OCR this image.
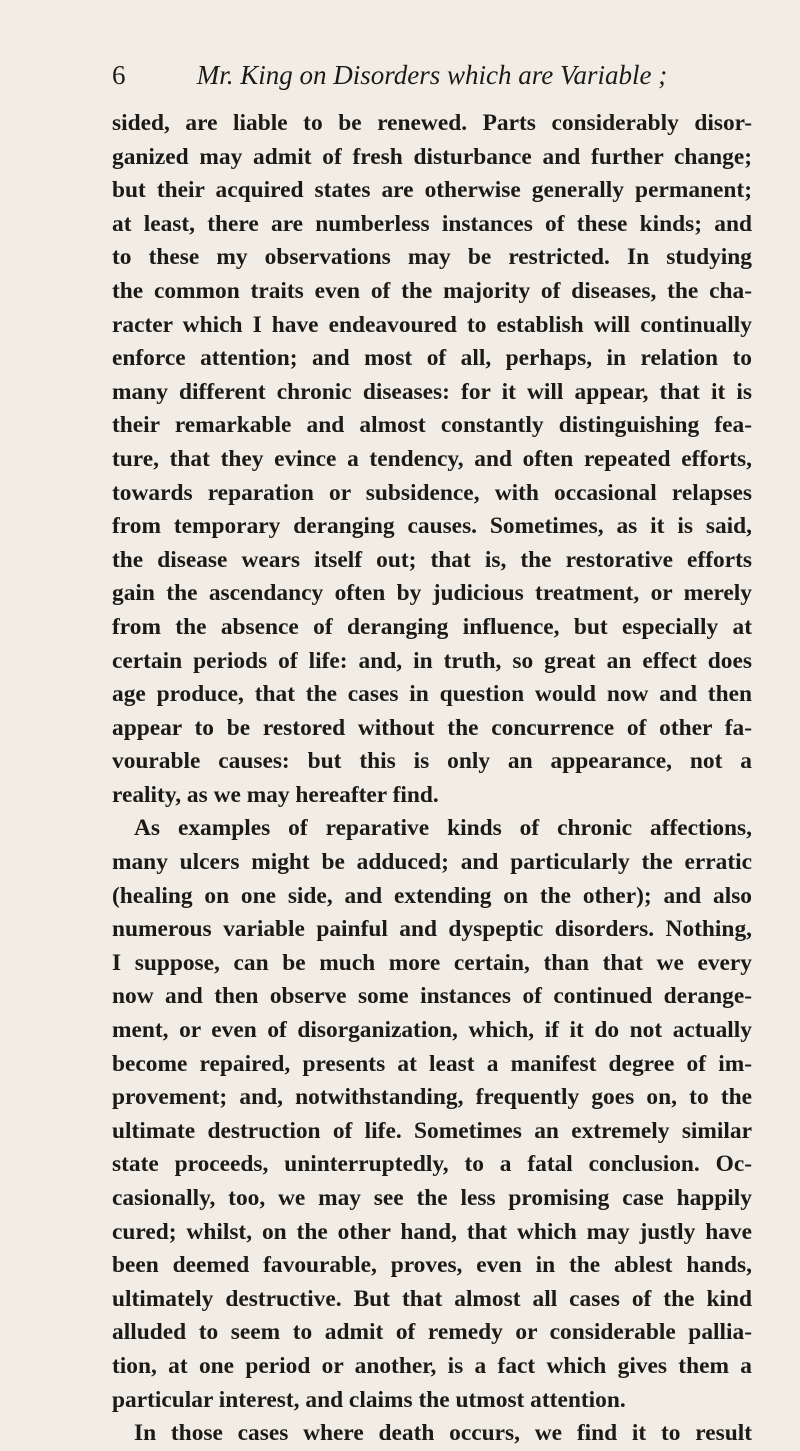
6	Mr. King on Disorders which are Variable ;
sided, are liable to be renewed. Parts considerably disor-
ganized may admit of fresh disturbance and further change;
but their acquired states are otherwise generally permanent;
at least, there are numberless instances of these kinds; and
to these my observations may be restricted. In studying
the common traits even of the majority of diseases, the cha-
racter which I have endeavoured to establish will continually
enforce attention; and most of all, perhaps, in relation to
many different chronic diseases: for it will appear, that it is
their remarkable and almost constantly distinguishing fea-
ture, that they evince a tendency, and often repeated efforts,
towards reparation or subsidence, with occasional relapses
from temporary deranging causes. Sometimes, as it is said,
the disease wears itself out; that is, the restorative efforts
gain the ascendancy often by judicious treatment, or merely
from the absence of deranging influence, but especially at
certain periods of life: and, in truth, so great an effect does
age produce, that the cases in question would now and then
appear to be restored without the concurrence of other fa-
vourable causes: but this is only an appearance, not a
reality, as we may hereafter find.
As examples of reparative kinds of chronic affections,
many ulcers might be adduced; and particularly the erratic
(healing on one side, and extending on the other); and also
numerous variable painful and dyspeptic disorders. Nothing,
I suppose, can be much more certain, than that we every
now and then observe some instances of continued derange-
ment, or even of disorganization, which, if it do not actually
become repaired, presents at least a manifest degree of im-
provement; and, notwithstanding, frequently goes on, to the
ultimate destruction of life. Sometimes an extremely similar
state proceeds, uninterruptedly, to a fatal conclusion. Oc-
casionally, too, we may see the less promising case happily
cured; whilst, on the other hand, that which may justly have
been deemed favourable, proves, even in the ablest hands,
ultimately destructive. But that almost all cases of the kind
alluded to seem to admit of remedy or considerable pallia-
tion, at one period or another, is a fact which gives them a
particular interest, and claims the utmost attention.
In those cases where death occurs, we find it to result
